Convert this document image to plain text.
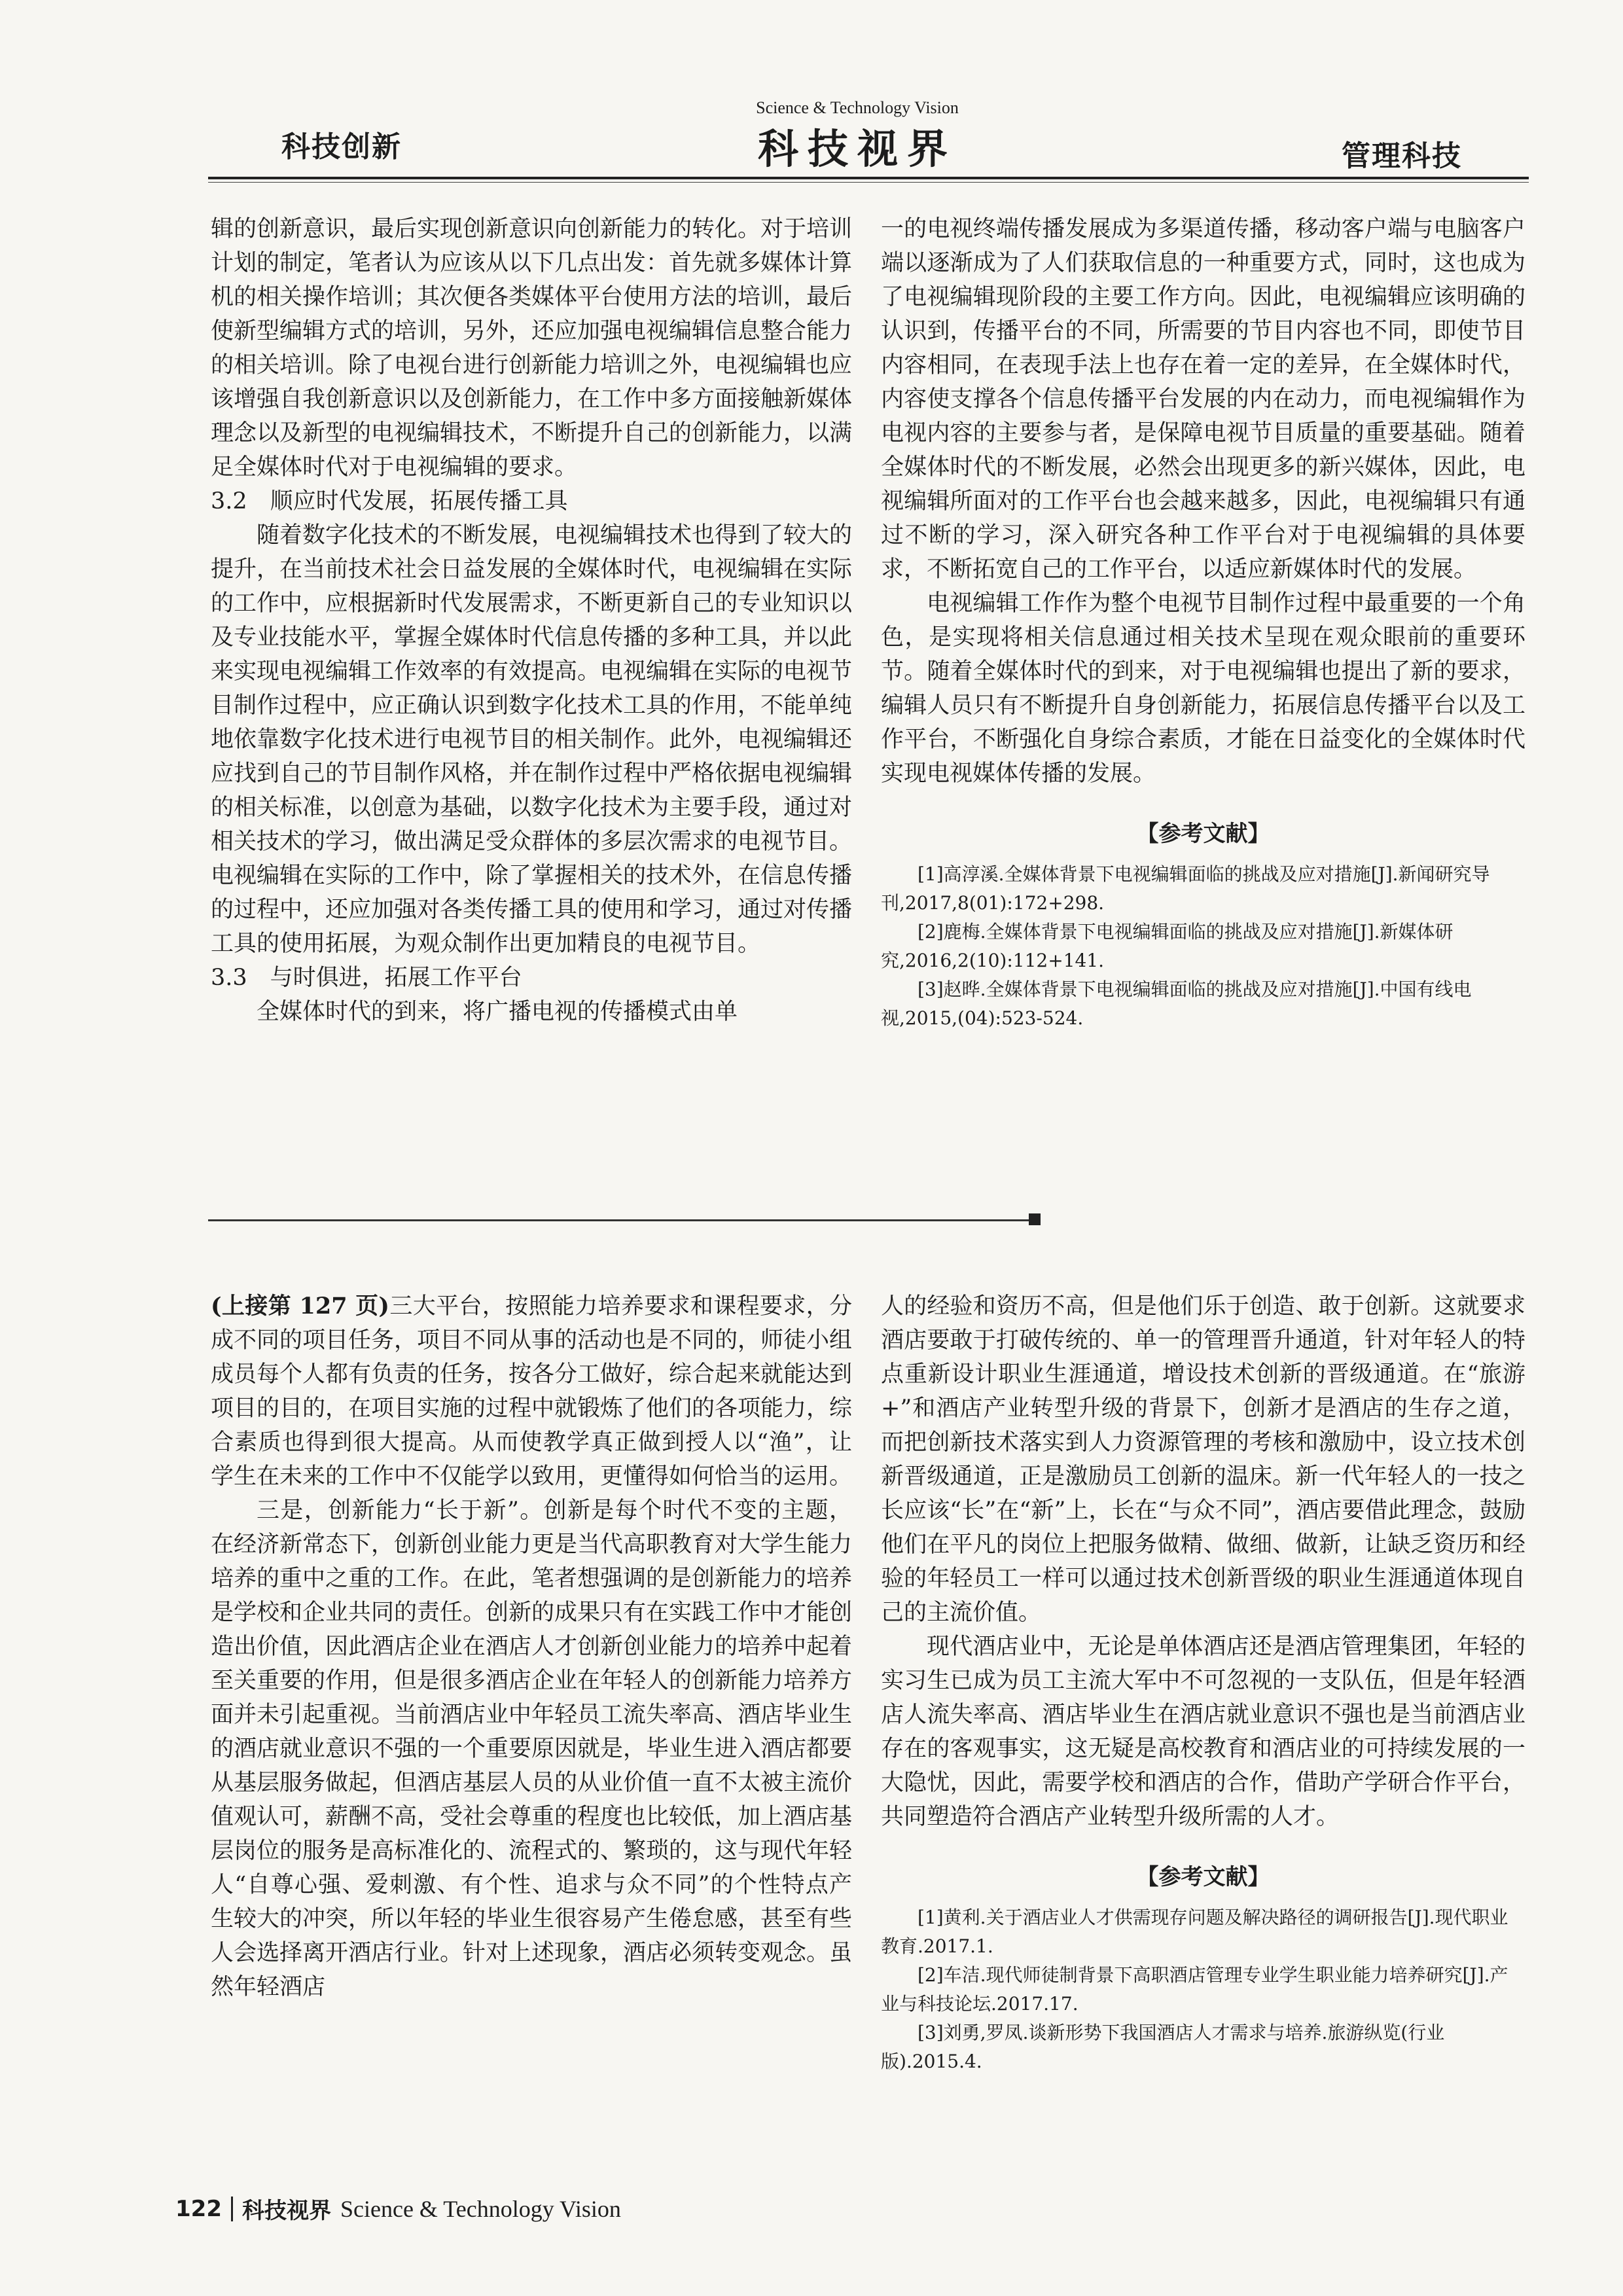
科技创新
Science & Technology Vision
科技视界	管理科技

辑的创新意识，最后实现创新意识向创新能力的转化。对于培训计划的制定，笔者认为应该从以下几点出发：首先就多媒体计算机的相关操作培训；其次便各类媒体平台使用方法的培训，最后使新型编辑方式的培训，另外，还应加强电视编辑信息整合能力的相关培训。除了电视台进行创新能力培训之外，电视编辑也应该增强自我创新意识以及创新能力，在工作中多方面接触新媒体理念以及新型的电视编辑技术，不断提升自己的创新能力，以满足全媒体时代对于电视编辑的要求。

3.2　顺应时代发展，拓展传播工具

随着数字化技术的不断发展，电视编辑技术也得到了较大的提升，在当前技术社会日益发展的全媒体时代，电视编辑在实际的工作中，应根据新时代发展需求，不断更新自己的专业知识以及专业技能水平，掌握全媒体时代信息传播的多种工具，并以此来实现电视编辑工作效率的有效提高。电视编辑在实际的电视节目制作过程中，应正确认识到数字化技术工具的作用，不能单纯地依靠数字化技术进行电视节目的相关制作。此外，电视编辑还应找到自己的节目制作风格，并在制作过程中严格依据电视编辑的相关标准，以创意为基础，以数字化技术为主要手段，通过对相关技术的学习，做出满足受众群体的多层次需求的电视节目。电视编辑在实际的工作中，除了掌握相关的技术外，在信息传播的过程中，还应加强对各类传播工具的使用和学习，通过对传播工具的使用拓展，为观众制作出更加精良的电视节目。

3.3　与时俱进，拓展工作平台

全媒体时代的到来，将广播电视的传播模式由单

一的电视终端传播发展成为多渠道传播，移动客户端与电脑客户端以逐渐成为了人们获取信息的一种重要方式，同时，这也成为了电视编辑现阶段的主要工作方向。因此，电视编辑应该明确的认识到，传播平台的不同，所需要的节目内容也不同，即使节目内容相同，在表现手法上也存在着一定的差异，在全媒体时代，内容使支撑各个信息传播平台发展的内在动力，而电视编辑作为电视内容的主要参与者，是保障电视节目质量的重要基础。随着全媒体时代的不断发展，必然会出现更多的新兴媒体，因此，电视编辑所面对的工作平台也会越来越多，因此，电视编辑只有通过不断的学习，深入研究各种工作平台对于电视编辑的具体要求，不断拓宽自己的工作平台，以适应新媒体时代的发展。

电视编辑工作作为整个电视节目制作过程中最重要的一个角色，是实现将相关信息通过相关技术呈现在观众眼前的重要环节。随着全媒体时代的到来，对于电视编辑也提出了新的要求，编辑人员只有不断提升自身创新能力，拓展信息传播平台以及工作平台，不断强化自身综合素质，才能在日益变化的全媒体时代实现电视媒体传播的发展。

【参考文献】

[1]高淳溪.全媒体背景下电视编辑面临的挑战及应对措施[J].新闻研究导刊,2017,8(01):172+298.

[2]鹿梅.全媒体背景下电视编辑面临的挑战及应对措施[J].新媒体研究,2016,2(10):112+141.

[3]赵晔.全媒体背景下电视编辑面临的挑战及应对措施[J].中国有线电视,2015,(04):523-524.

(上接第 127 页)三大平台，按照能力培养要求和课程要求，分成不同的项目任务，项目不同从事的活动也是不同的，师徒小组成员每个人都有负责的任务，按各分工做好，综合起来就能达到项目的目的，在项目实施的过程中就锻炼了他们的各项能力，综合素质也得到很大提高。从而使教学真正做到授人以“渔”，让学生在未来的工作中不仅能学以致用，更懂得如何恰当的运用。

三是，创新能力“长于新”。创新是每个时代不变的主题，在经济新常态下，创新创业能力更是当代高职教育对大学生能力培养的重中之重的工作。在此，笔者想强调的是创新能力的培养是学校和企业共同的责任。创新的成果只有在实践工作中才能创造出价值，因此酒店企业在酒店人才创新创业能力的培养中起着至关重要的作用，但是很多酒店企业在年轻人的创新能力培养方面并未引起重视。当前酒店业中年轻员工流失率高、酒店毕业生的酒店就业意识不强的一个重要原因就是，毕业生进入酒店都要从基层服务做起，但酒店基层人员的从业价值一直不太被主流价值观认可，薪酬不高，受社会尊重的程度也比较低，加上酒店基层岗位的服务是高标准化的、流程式的、繁琐的，这与现代年轻人“自尊心强、爱刺激、有个性、追求与众不同”的个性特点产生较大的冲突，所以年轻的毕业生很容易产生倦怠感，甚至有些人会选择离开酒店行业。针对上述现象，酒店必须转变观念。虽然年轻酒店

人的经验和资历不高，但是他们乐于创造、敢于创新。这就要求酒店要敢于打破传统的、单一的管理晋升通道，针对年轻人的特点重新设计职业生涯通道，增设技术创新的晋级通道。在“旅游+”和酒店产业转型升级的背景下，创新才是酒店的生存之道，而把创新技术落实到人力资源管理的考核和激励中，设立技术创新晋级通道，正是激励员工创新的温床。新一代年轻人的一技之长应该“长”在“新”上，长在“与众不同”，酒店要借此理念，鼓励他们在平凡的岗位上把服务做精、做细、做新，让缺乏资历和经验的年轻员工一样可以通过技术创新晋级的职业生涯通道体现自己的主流价值。

现代酒店业中，无论是单体酒店还是酒店管理集团，年轻的实习生已成为员工主流大军中不可忽视的一支队伍，但是年轻酒店人流失率高、酒店毕业生在酒店就业意识不强也是当前酒店业存在的客观事实，这无疑是高校教育和酒店业的可持续发展的一大隐忧，因此，需要学校和酒店的合作，借助产学研合作平台，共同塑造符合酒店产业转型升级所需的人才。

【参考文献】

[1]黄利.关于酒店业人才供需现存问题及解决路径的调研报告[J].现代职业教育.2017.1.

[2]车洁.现代师徒制背景下高职酒店管理专业学生职业能力培养研究[J].产业与科技论坛.2017.17.

[3]刘勇,罗凤.谈新形势下我国酒店人才需求与培养.旅游纵览(行业版).2015.4.

122 科技视界 Science & Technology Vision
